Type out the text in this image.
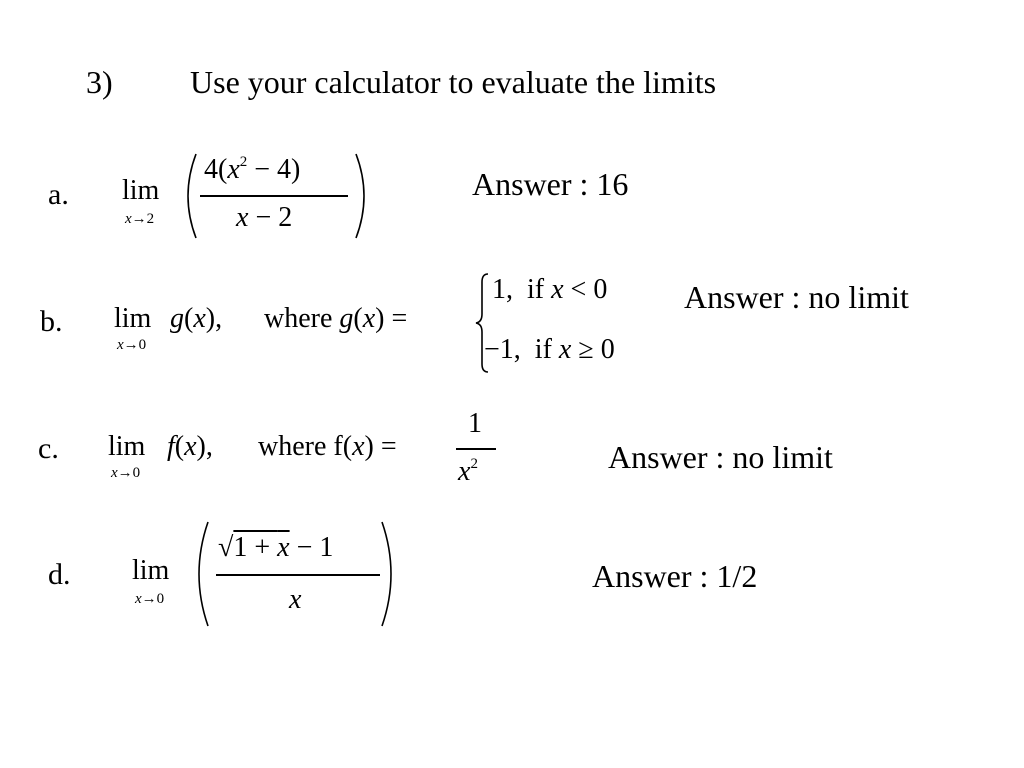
3) Use your calculator to evaluate the limits
a. lim
x→2
$4(x^2 - 4)$
x − 2
Answer : 16
b. lim
x→0
g(x), where g(x) =
1, if x < 0
−1, if x ≥ 0
Answer : no limit
c. lim
x→0
f(x), where f(x) =
1
$x^2$	Answer : no limit
d. lim
x→0
√1 + x − 1
x
Answer : 1/2
